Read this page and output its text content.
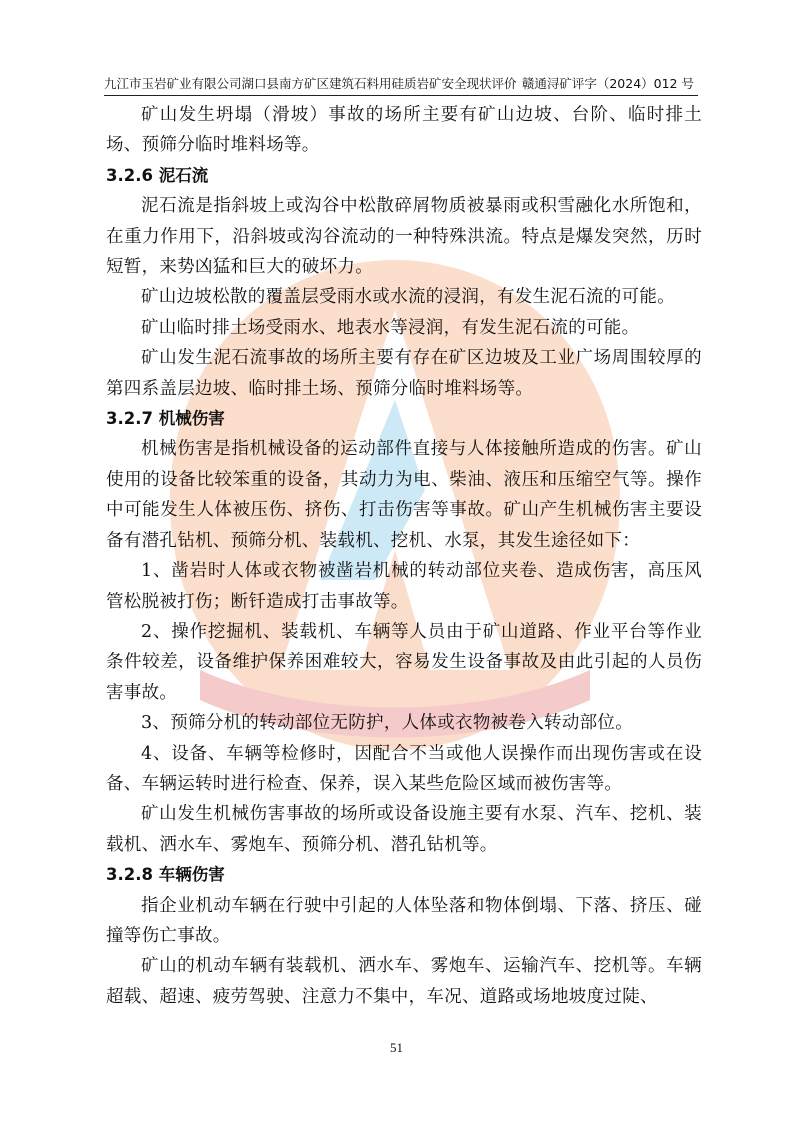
九江市玉岩矿业有限公司湖口县南方矿区建筑石料用硅质岩矿安全现状评价 赣通浔矿评字（2024）012 号

矿山发生坍塌（滑坡）事故的场所主要有矿山边坡、台阶、临时排土场、预筛分临时堆料场等。

3.2.6 泥石流

泥石流是指斜坡上或沟谷中松散碎屑物质被暴雨或积雪融化水所饱和，在重力作用下，沿斜坡或沟谷流动的一种特殊洪流。特点是爆发突然，历时短暂，来势凶猛和巨大的破坏力。

矿山边坡松散的覆盖层受雨水或水流的浸润，有发生泥石流的可能。

矿山临时排土场受雨水、地表水等浸润，有发生泥石流的可能。

矿山发生泥石流事故的场所主要有存在矿区边坡及工业广场周围较厚的第四系盖层边坡、临时排土场、预筛分临时堆料场等。

3.2.7 机械伤害

机械伤害是指机械设备的运动部件直接与人体接触所造成的伤害。矿山使用的设备比较笨重的设备，其动力为电、柴油、液压和压缩空气等。操作中可能发生人体被压伤、挤伤、打击伤害等事故。矿山产生机械伤害主要设备有潜孔钻机、预筛分机、装载机、挖机、水泵，其发生途径如下：

1、凿岩时人体或衣物被凿岩机械的转动部位夹卷、造成伤害，高压风管松脱被打伤；断钎造成打击事故等。

2、操作挖掘机、装载机、车辆等人员由于矿山道路、作业平台等作业条件较差，设备维护保养困难较大，容易发生设备事故及由此引起的人员伤害事故。

3、预筛分机的转动部位无防护，人体或衣物被卷入转动部位。

4、设备、车辆等检修时，因配合不当或他人误操作而出现伤害或在设备、车辆运转时进行检查、保养，误入某些危险区域而被伤害等。

矿山发生机械伤害事故的场所或设备设施主要有水泵、汽车、挖机、装载机、洒水车、雾炮车、预筛分机、潜孔钻机等。

3.2.8 车辆伤害

指企业机动车辆在行驶中引起的人体坠落和物体倒塌、下落、挤压、碰撞等伤亡事故。

矿山的机动车辆有装载机、洒水车、雾炮车、运输汽车、挖机等。车辆超载、超速、疲劳驾驶、注意力不集中，车况、道路或场地坡度过陡、

51
